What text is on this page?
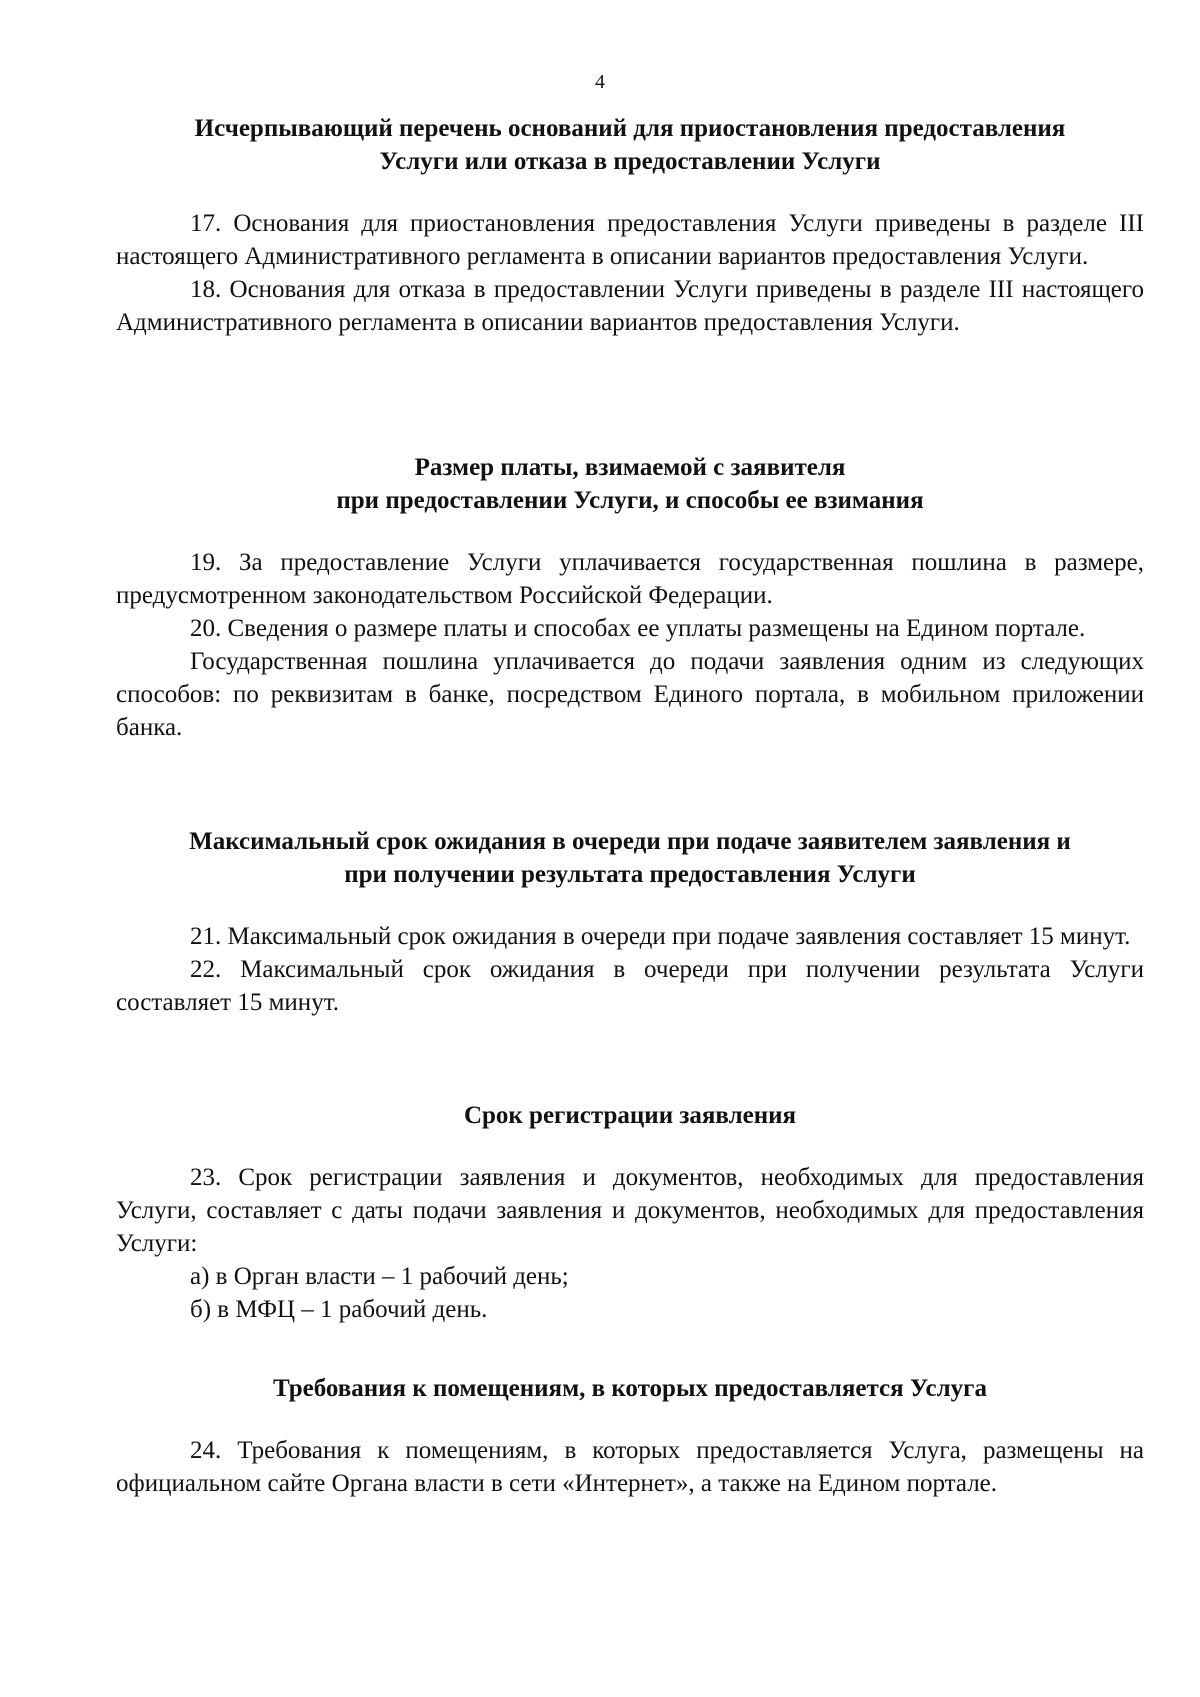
4
Исчерпывающий перечень оснований для приостановления предоставления
Услуги или отказа в предоставлении Услуги

17. Основания для приостановления предоставления Услуги приведены в разделе III настоящего Административного регламента в описании вариантов предоставления Услуги.

18. Основания для отказа в предоставлении Услуги приведены в разделе III настоящего Административного регламента в описании вариантов предоставления Услуги.

Размер платы, взимаемой с заявителя
при предоставлении Услуги, и способы ее взимания

19. За предоставление Услуги уплачивается государственная пошлина в размере, предусмотренном законодательством Российской Федерации.

20. Сведения о размере платы и способах ее уплаты размещены на Едином портале.

Государственная пошлина уплачивается до подачи заявления одним из следующих способов: по реквизитам в банке, посредством Единого портала, в мобильном приложении банка.

Максимальный срок ожидания в очереди при подаче заявителем заявления и
при получении результата предоставления Услуги

21. Максимальный срок ожидания в очереди при подаче заявления составляет 15 минут.

22. Максимальный срок ожидания в очереди при получении результата Услуги составляет 15 минут.

Срок регистрации заявления

23. Срок регистрации заявления и документов, необходимых для предоставления Услуги, составляет с даты подачи заявления и документов, необходимых для предоставления Услуги:

а) в Орган власти – 1 рабочий день;
б) в МФЦ – 1 рабочий день.
Требования к помещениям, в которых предоставляется Услуга

24. Требования к помещениям, в которых предоставляется Услуга, размещены на официальном сайте Органа власти в сети «Интернет», а также на Едином портале.
